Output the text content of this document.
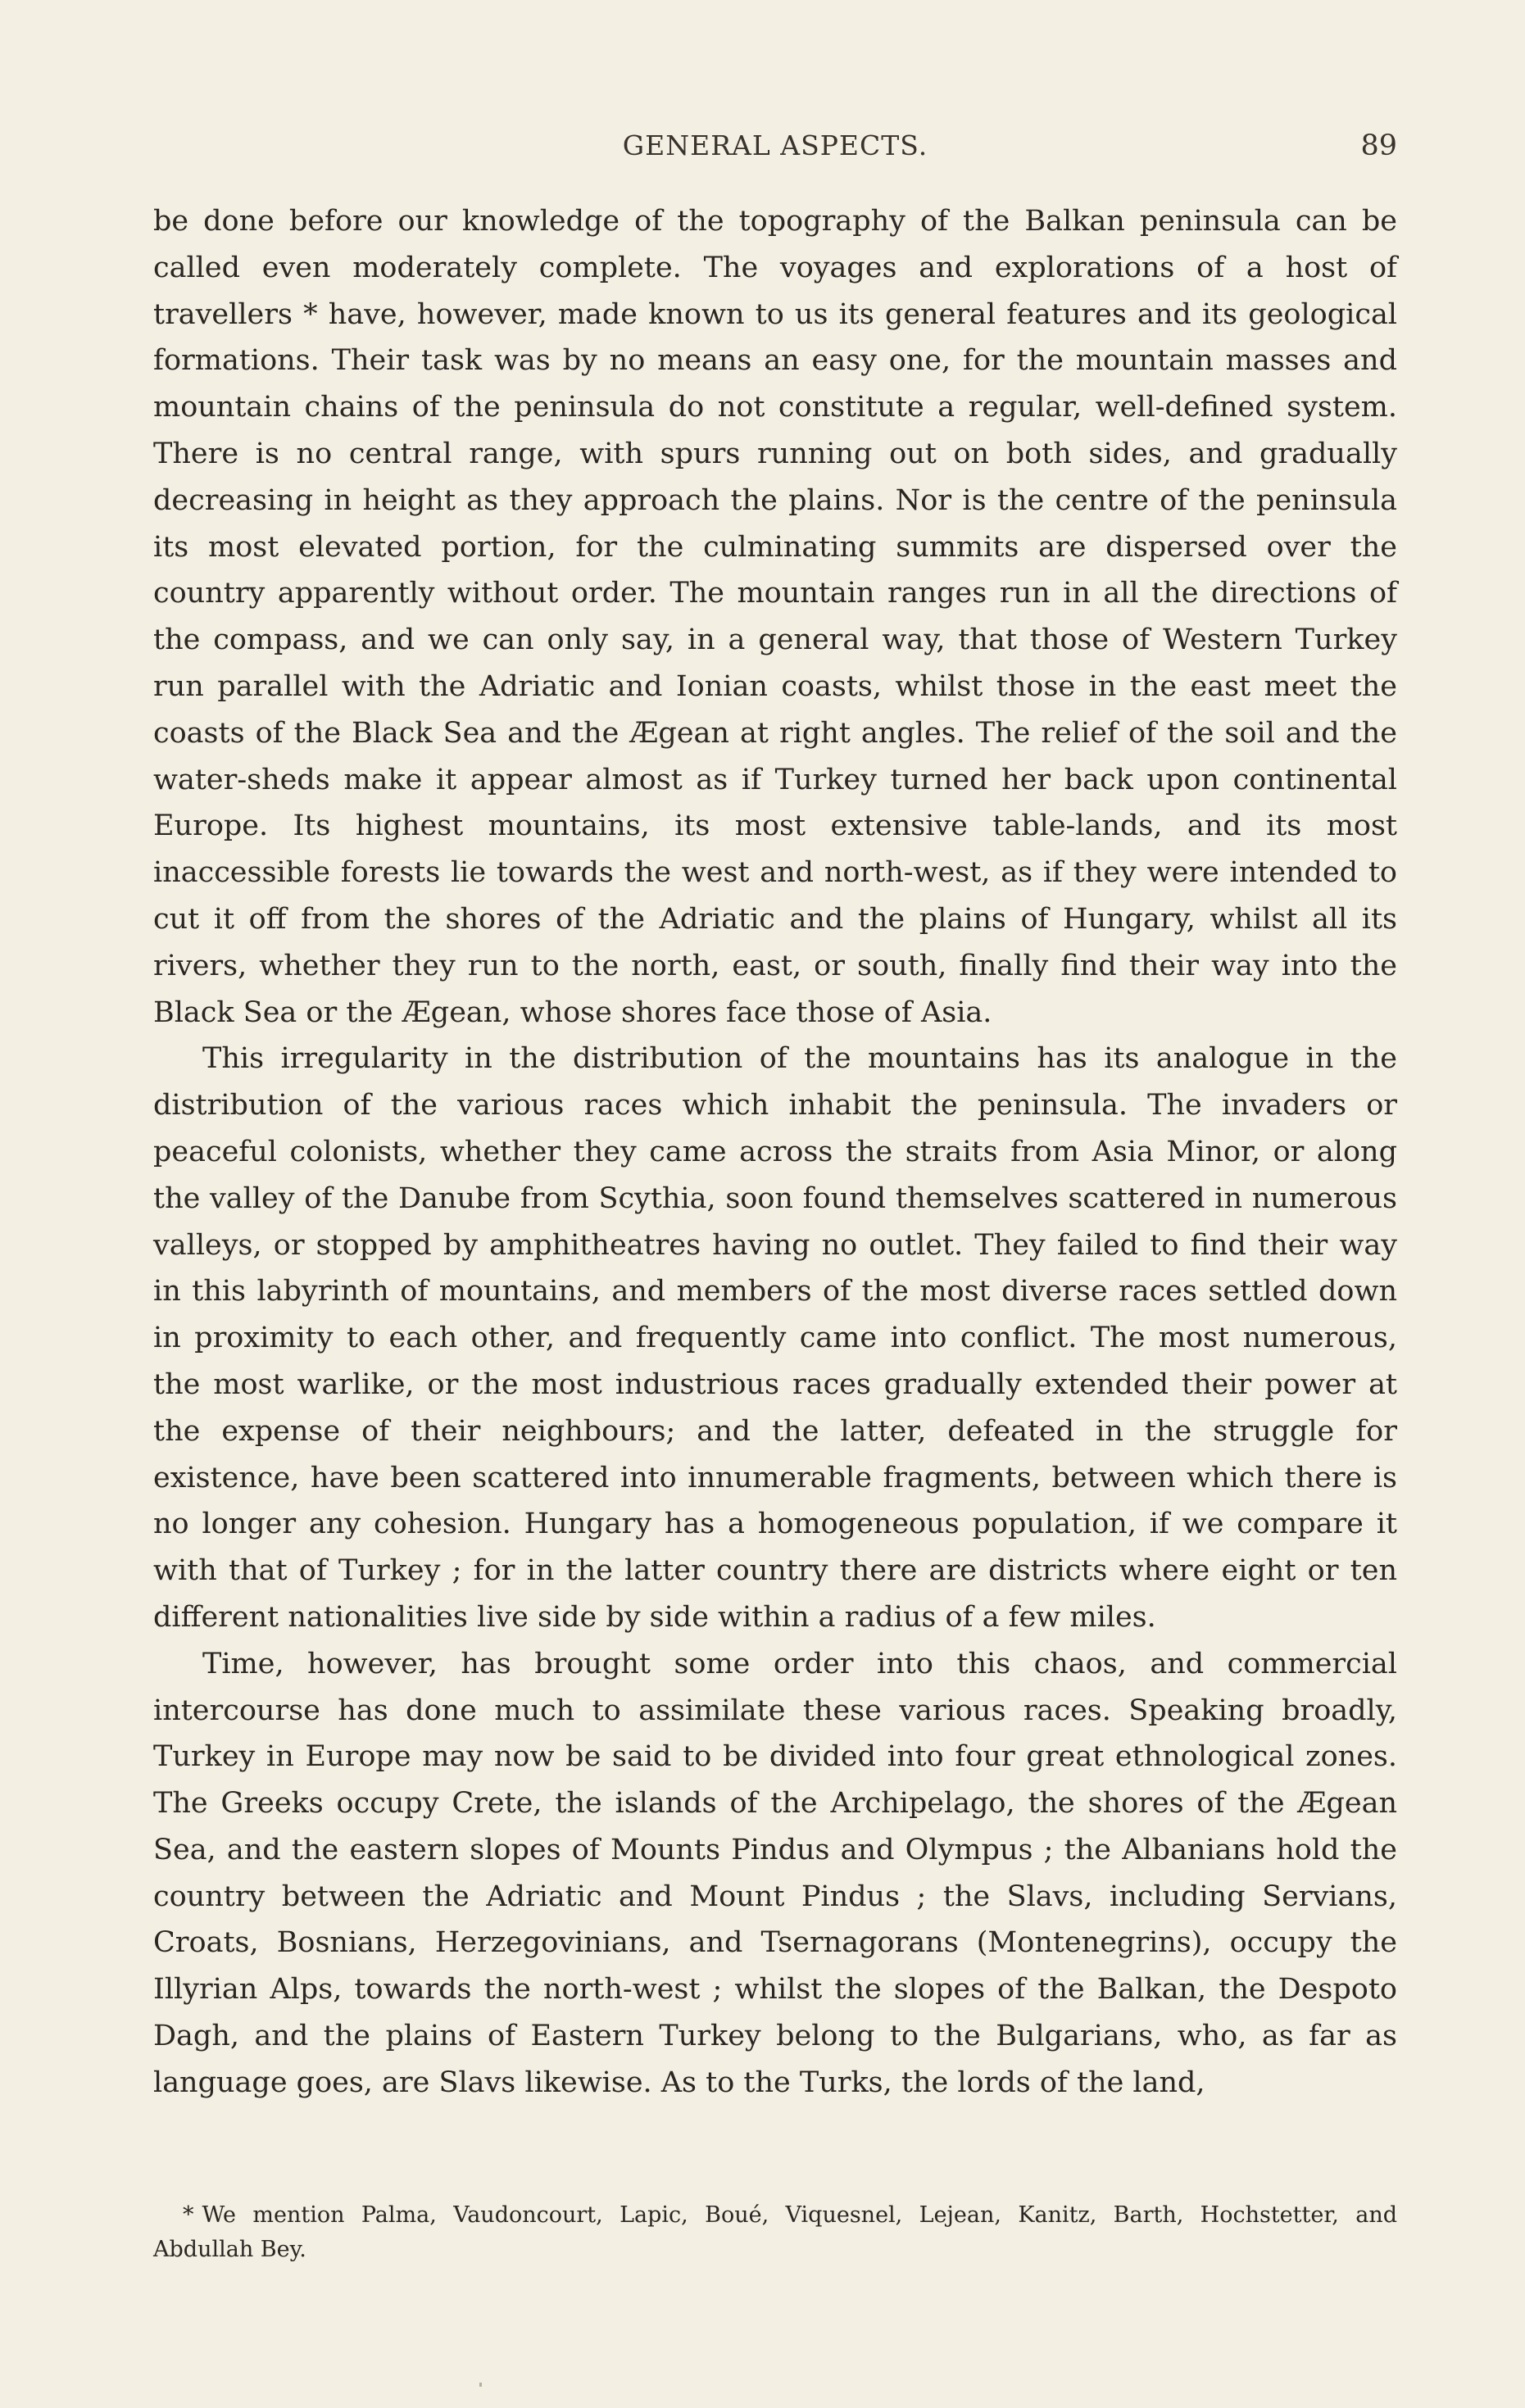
GENERAL ASPECTS.	89

be done before our knowledge of the topography of the Balkan peninsula can be called even moderately complete. The voyages and explorations of a host of travellers * have, however, made known to us its general features and its geological formations. Their task was by no means an easy one, for the mountain masses and mountain chains of the peninsula do not constitute a regular, well-defined system. There is no central range, with spurs running out on both sides, and gradually decreasing in height as they approach the plains. Nor is the centre of the peninsula its most elevated portion, for the culminating summits are dispersed over the country apparently without order. The mountain ranges run in all the directions of the compass, and we can only say, in a general way, that those of Western Turkey run parallel with the Adriatic and Ionian coasts, whilst those in the east meet the coasts of the Black Sea and the Ægean at right angles. The relief of the soil and the water-sheds make it appear almost as if Turkey turned her back upon continental Europe. Its highest mountains, its most extensive table-lands, and its most inaccessible forests lie towards the west and north-west, as if they were intended to cut it off from the shores of the Adriatic and the plains of Hungary, whilst all its rivers, whether they run to the north, east, or south, finally find their way into the Black Sea or the Ægean, whose shores face those of Asia.

This irregularity in the distribution of the mountains has its analogue in the distribution of the various races which inhabit the peninsula. The invaders or peaceful colonists, whether they came across the straits from Asia Minor, or along the valley of the Danube from Scythia, soon found themselves scattered in numerous valleys, or stopped by amphitheatres having no outlet. They failed to find their way in this labyrinth of mountains, and members of the most diverse races settled down in proximity to each other, and frequently came into conflict. The most numerous, the most warlike, or the most industrious races gradually extended their power at the expense of their neighbours; and the latter, defeated in the struggle for existence, have been scattered into innumerable fragments, between which there is no longer any cohesion. Hungary has a homogeneous population, if we compare it with that of Turkey ; for in the latter country there are districts where eight or ten different nationalities live side by side within a radius of a few miles.

Time, however, has brought some order into this chaos, and commercial intercourse has done much to assimilate these various races. Speaking broadly, Turkey in Europe may now be said to be divided into four great ethnological zones. The Greeks occupy Crete, the islands of the Archipelago, the shores of the Ægean Sea, and the eastern slopes of Mounts Pindus and Olympus ; the Albanians hold the country between the Adriatic and Mount Pindus ; the Slavs, including Servians, Croats, Bosnians, Herzegovinians, and Tsernagorans (Montenegrins), occupy the Illyrian Alps, towards the north-west ; whilst the slopes of the Balkan, the Despoto Dagh, and the plains of Eastern Turkey belong to the Bulgarians, who, as far as language goes, are Slavs likewise. As to the Turks, the lords of the land,

* We mention Palma, Vaudoncourt, Lapic, Boué, Viquesnel, Lejean, Kanitz, Barth, Hochstetter, and Abdullah Bey.
